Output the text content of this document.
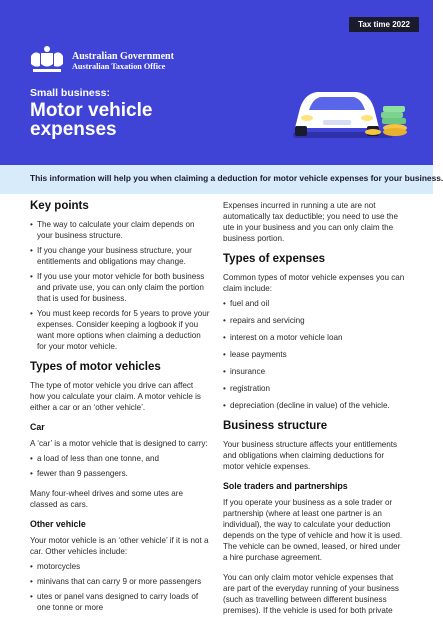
Tax time 2022
Australian Government
Australian Taxation Office
Small business:
Motor vehicle expenses
This information will help you when claiming a deduction for motor vehicle expenses for your business.
Key points
• The way to calculate your claim depends on your business structure.
• If you change your business structure, your entitlements and obligations may change.
• If you use your motor vehicle for both business and private use, you can only claim the portion that is used for business.
• You must keep records for 5 years to prove your expenses. Consider keeping a logbook if you want more options when claiming a deduction for your motor vehicle.
Types of motor vehicles

The type of motor vehicle you drive can affect how you calculate your claim. A motor vehicle is either a car or an ‘other vehicle’.

Car

A ‘car’ is a motor vehicle that is designed to carry:

• a load of less than one tonne, and
• fewer than 9 passengers.

Many four-wheel drives and some utes are classed as cars.

Other vehicle

Your motor vehicle is an ‘other vehicle’ if it is not a car. Other vehicles include:

• motorcycles
• minivans that can carry 9 or more passengers
• utes or panel vans designed to carry loads of one tonne or more

Expenses incurred in running a ute are not automatically tax deductible; you need to use the ute in your business and you can only claim the business portion.

Types of expenses

Common types of motor vehicle expenses you can claim include:

• fuel and oil
• repairs and servicing
• interest on a motor vehicle loan
• lease payments
• insurance
• registration
• depreciation (decline in value) of the vehicle.
Business structure

Your business structure affects your entitlements and obligations when claiming deductions for motor vehicle expenses.

Sole traders and partnerships

If you operate your business as a sole trader or partnership (where at least one partner is an individual), the way to calculate your deduction depends on the type of vehicle and how it is used. The vehicle can be owned, leased, or hired under a hire purchase agreement.

You can only claim motor vehicle expenses that are part of the everyday running of your business (such as travelling between different business premises). If the vehicle is used for both private
